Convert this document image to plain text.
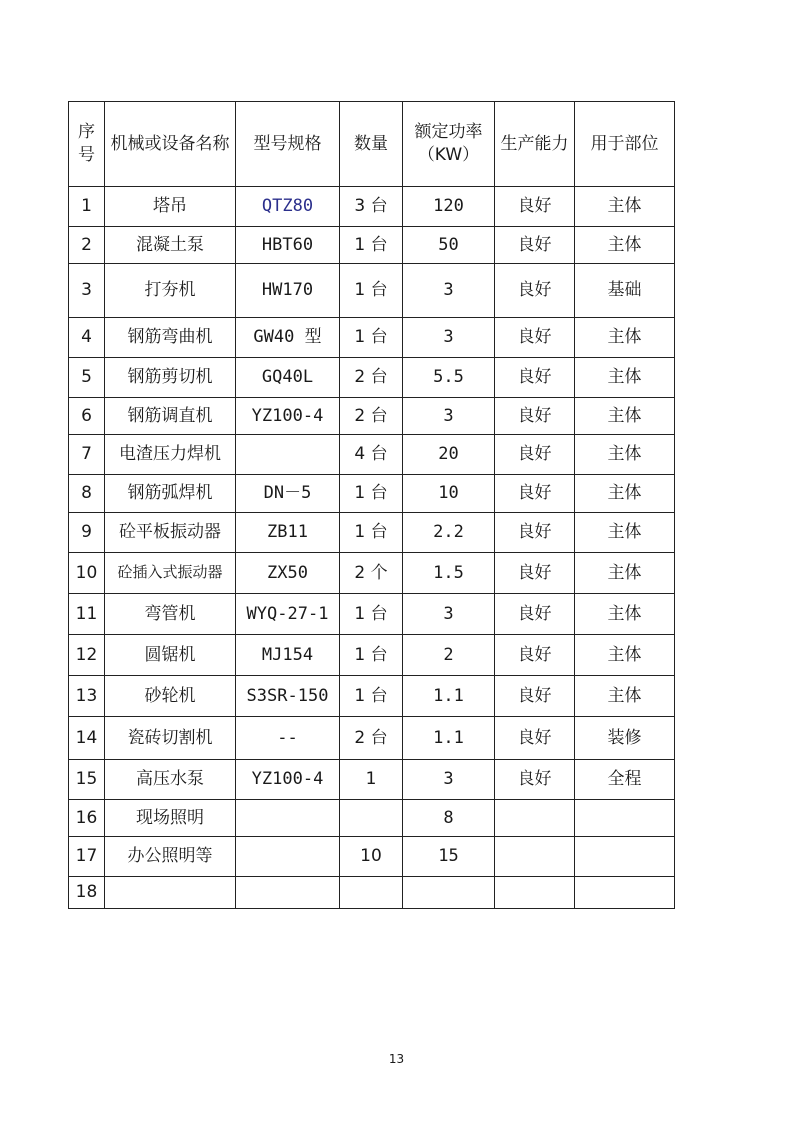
序号	机械或设备名称	型号规格	数量	额定功率（KW）	生产能力	用于部位
1	塔吊	QTZ80	3 台	120	良好	主体
2	混凝土泵	HBT60	1 台	50	良好	主体
3	打夯机	HW170	1 台	3	良好	基础
4	钢筋弯曲机	GW40 型	1 台	3	良好	主体
5	钢筋剪切机	GQ40L	2 台	5.5	良好	主体
6	钢筋调直机	YZ100-4	2 台	3	良好	主体
7	电渣压力焊机		4 台	20	良好	主体
8	钢筋弧焊机	DN－5	1 台	10	良好	主体
9	砼平板振动器	ZB11	1 台	2.2	良好	主体
10	砼插入式振动器	ZX50	2 个	1.5	良好	主体
11	弯管机	WYQ-27-1	1 台	3	良好	主体
12	圆锯机	MJ154	1 台	2	良好	主体
13	砂轮机	S3SR-150	1 台	1.1	良好	主体
14	瓷砖切割机	--	2 台	1.1	良好	装修
15	高压水泵	YZ100-4	1	3	良好	全程
16	现场照明			8		
17	办公照明等		10	15		
18						
13
